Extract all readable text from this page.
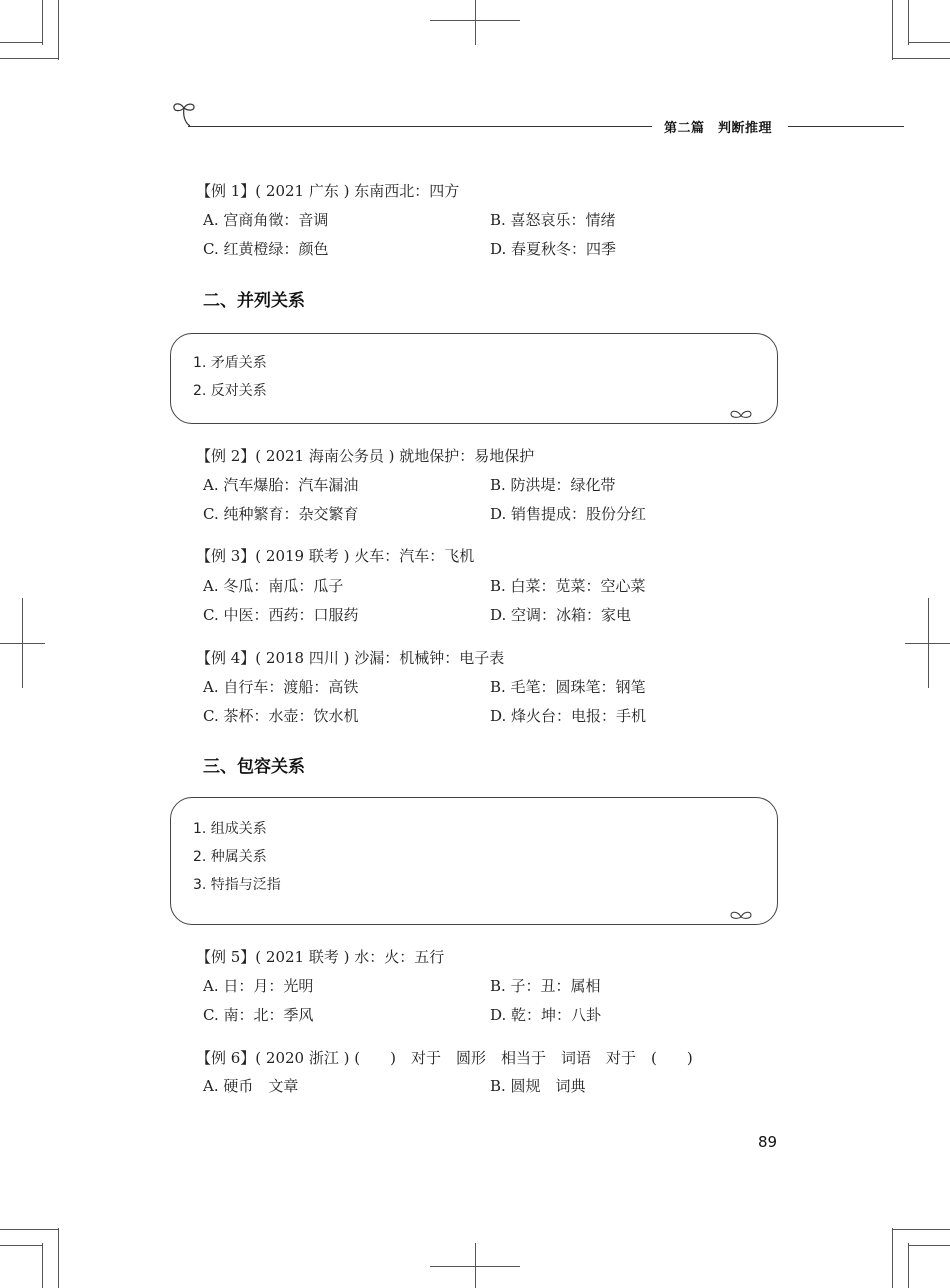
第二篇　判断推理
【例 1】( 2021 广东 ) 东南西北：四方
A. 宫商角徵：音调	B. 喜怒哀乐：情绪
C. 红黄橙绿：颜色	D. 春夏秋冬：四季
二、并列关系
1. 矛盾关系
2. 反对关系
【例 2】( 2021 海南公务员 ) 就地保护：易地保护
A. 汽车爆胎：汽车漏油	B. 防洪堤：绿化带
C. 纯种繁育：杂交繁育	D. 销售提成：股份分红
【例 3】( 2019 联考 ) 火车：汽车：飞机
A. 冬瓜：南瓜：瓜子	B. 白菜：苋菜：空心菜
C. 中医：西药：口服药	D. 空调：冰箱：家电
【例 4】( 2018 四川 ) 沙漏：机械钟：电子表
A. 自行车：渡船：高铁	B. 毛笔：圆珠笔：钢笔
C. 茶杯：水壶：饮水机	D. 烽火台：电报：手机
三、包容关系
1. 组成关系
2. 种属关系
3. 特指与泛指
【例 5】( 2021 联考 ) 水：火：五行
A. 日：月：光明	B. 子：丑：属相
C. 南：北：季风	D. 乾：坤：八卦
【例 6】( 2020 浙江 ) (　　)　对于　圆形　相当于　词语　对于　(　　)
A. 硬币　文章	B. 圆规　词典
89
